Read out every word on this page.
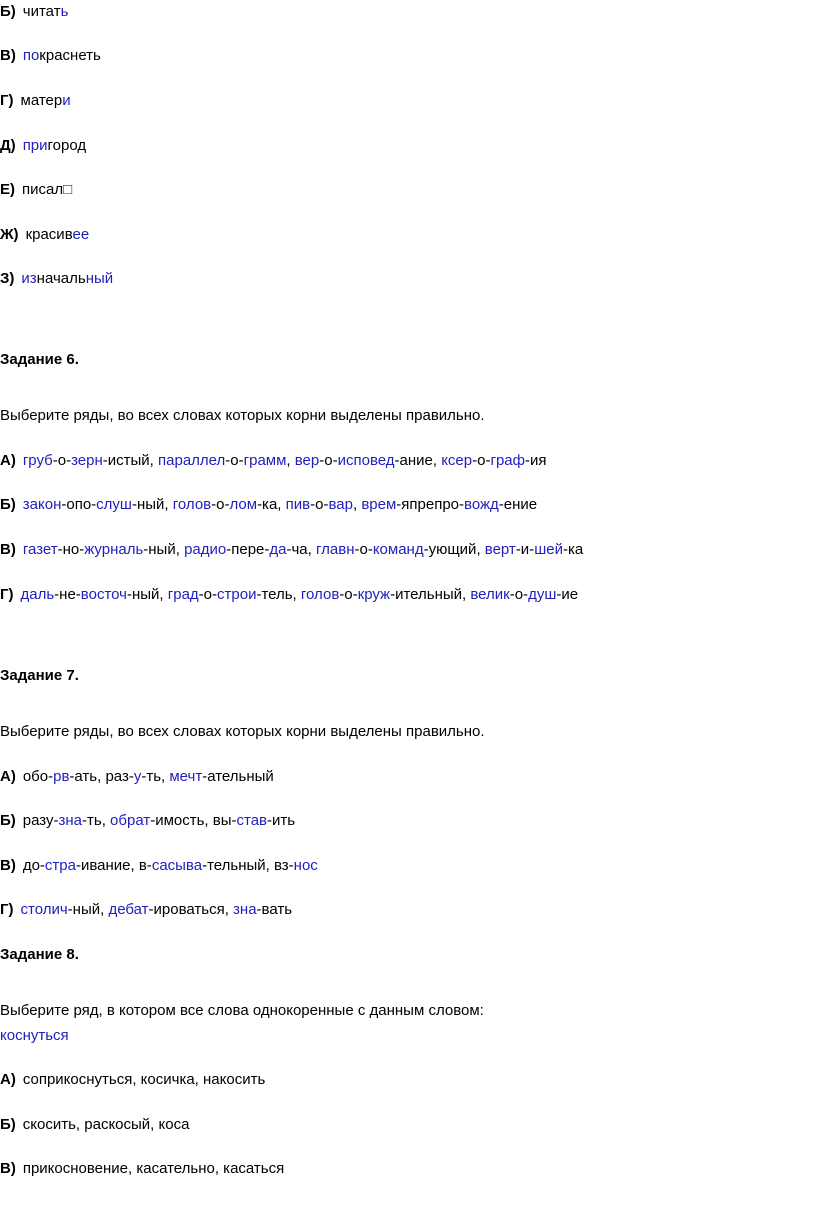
Б) читать
В) покраснеть
Г) матери
Д) пригород
Е) писал□
Ж) красивее
З) изначальный
Задание 6.
Выберите ряды, во всех словах которых корни выделены правильно.
А) груб-о-зерн-истый, параллел-о-грамм, вер-о-исповед-ание, ксер-о-граф-ия
Б) закон-опо-слуш-ный, голов-о-лом-ка, пив-о-вар, врем-япрепро-вожд-ение
В) газет-но-журналь-ный, радио-пере-да-ча, главн-о-команд-ующий, верт-и-шей-ка
Г) даль-не-восточ-ный, град-о-строи-тель, голов-о-круж-ительный, велик-о-душ-ие
Задание 7.
Выберите ряды, во всех словах которых корни выделены правильно.
А) обо-рв-ать, раз-у-ть, мечт-ательный
Б) разу-зна-ть, обрат-имость, вы-став-ить
В) до-стра-ивание, в-сасыва-тельный, вз-нос
Г) столич-ный, дебат-ироваться, зна-вать
Задание 8.
Выберите ряд, в котором все слова однокоренные с данным словом:
коснуться
А) соприкоснуться, косичка, накосить
Б) скосить, раскосый, коса
В) прикосновение, касательно, касаться
